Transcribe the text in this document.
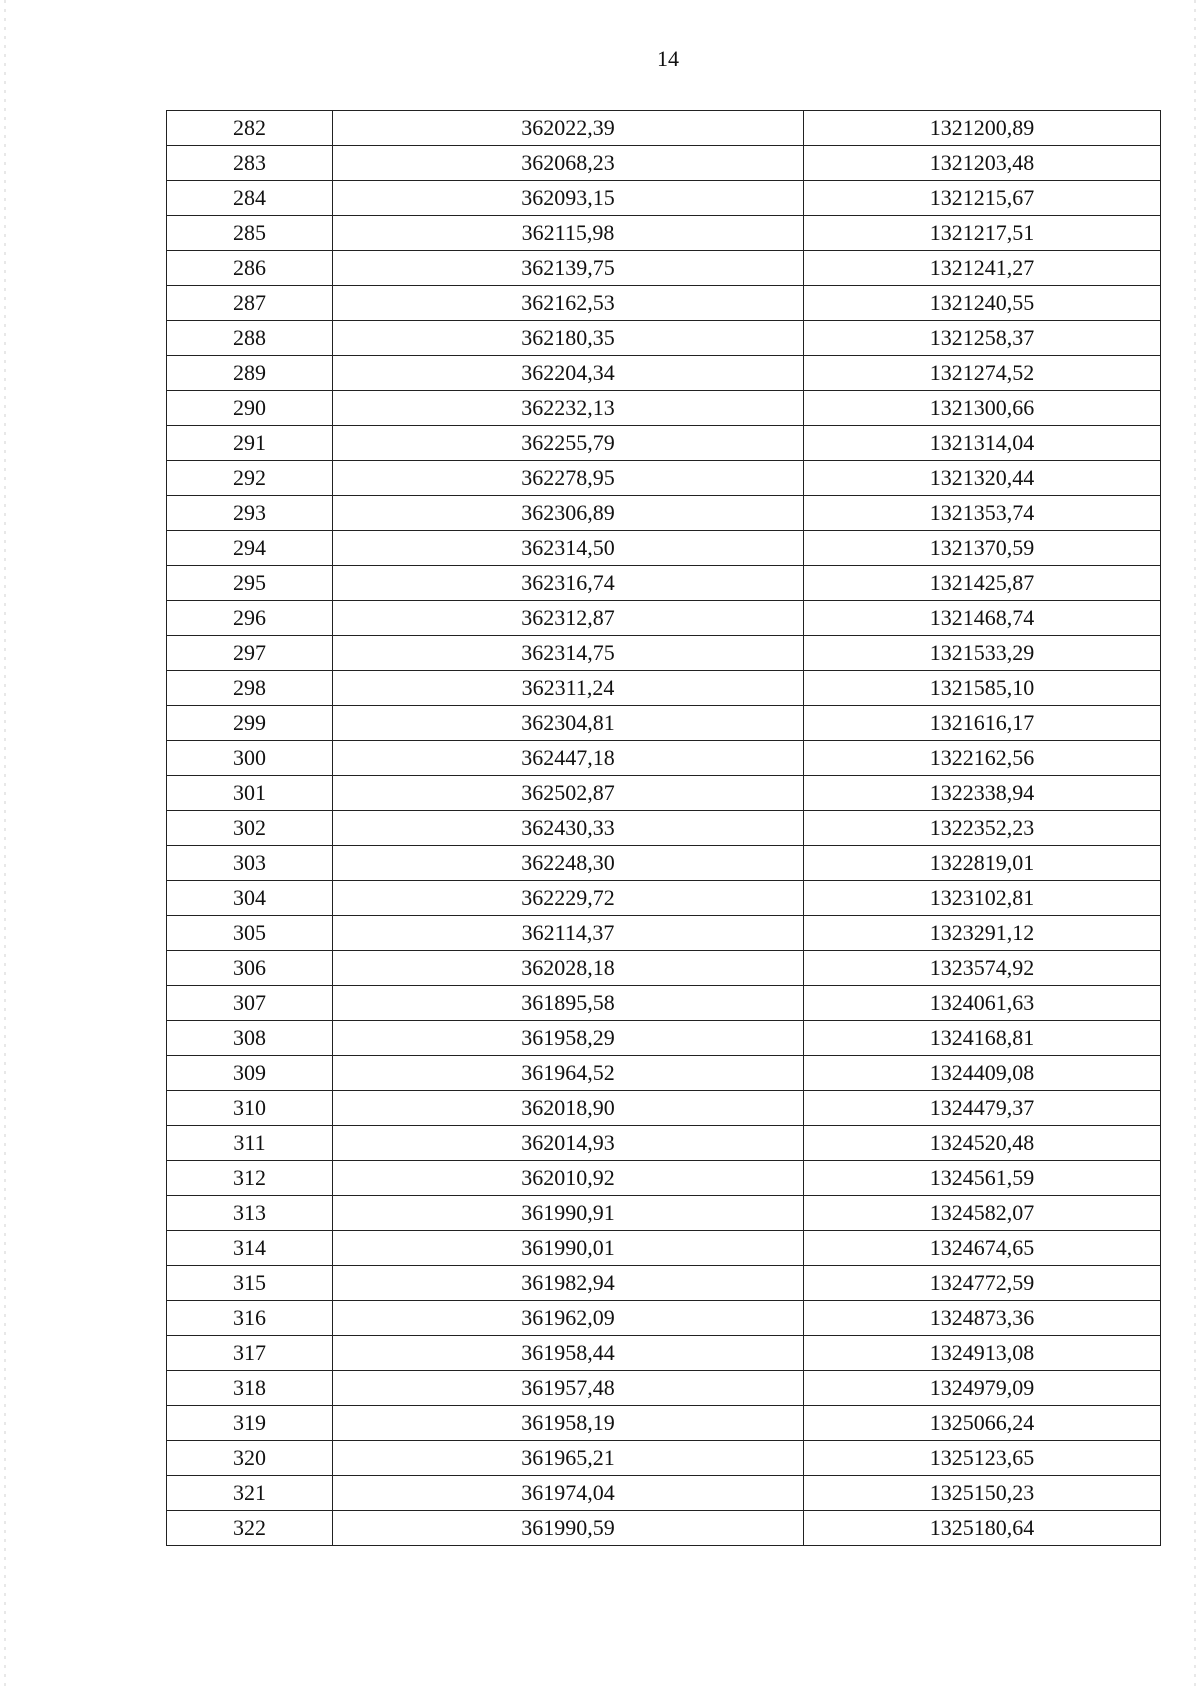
14
282	362022,39	1321200,89
283	362068,23	1321203,48
284	362093,15	1321215,67
285	362115,98	1321217,51
286	362139,75	1321241,27
287	362162,53	1321240,55
288	362180,35	1321258,37
289	362204,34	1321274,52
290	362232,13	1321300,66
291	362255,79	1321314,04
292	362278,95	1321320,44
293	362306,89	1321353,74
294	362314,50	1321370,59
295	362316,74	1321425,87
296	362312,87	1321468,74
297	362314,75	1321533,29
298	362311,24	1321585,10
299	362304,81	1321616,17
300	362447,18	1322162,56
301	362502,87	1322338,94
302	362430,33	1322352,23
303	362248,30	1322819,01
304	362229,72	1323102,81
305	362114,37	1323291,12
306	362028,18	1323574,92
307	361895,58	1324061,63
308	361958,29	1324168,81
309	361964,52	1324409,08
310	362018,90	1324479,37
311	362014,93	1324520,48
312	362010,92	1324561,59
313	361990,91	1324582,07
314	361990,01	1324674,65
315	361982,94	1324772,59
316	361962,09	1324873,36
317	361958,44	1324913,08
318	361957,48	1324979,09
319	361958,19	1325066,24
320	361965,21	1325123,65
321	361974,04	1325150,23
322	361990,59	1325180,64
